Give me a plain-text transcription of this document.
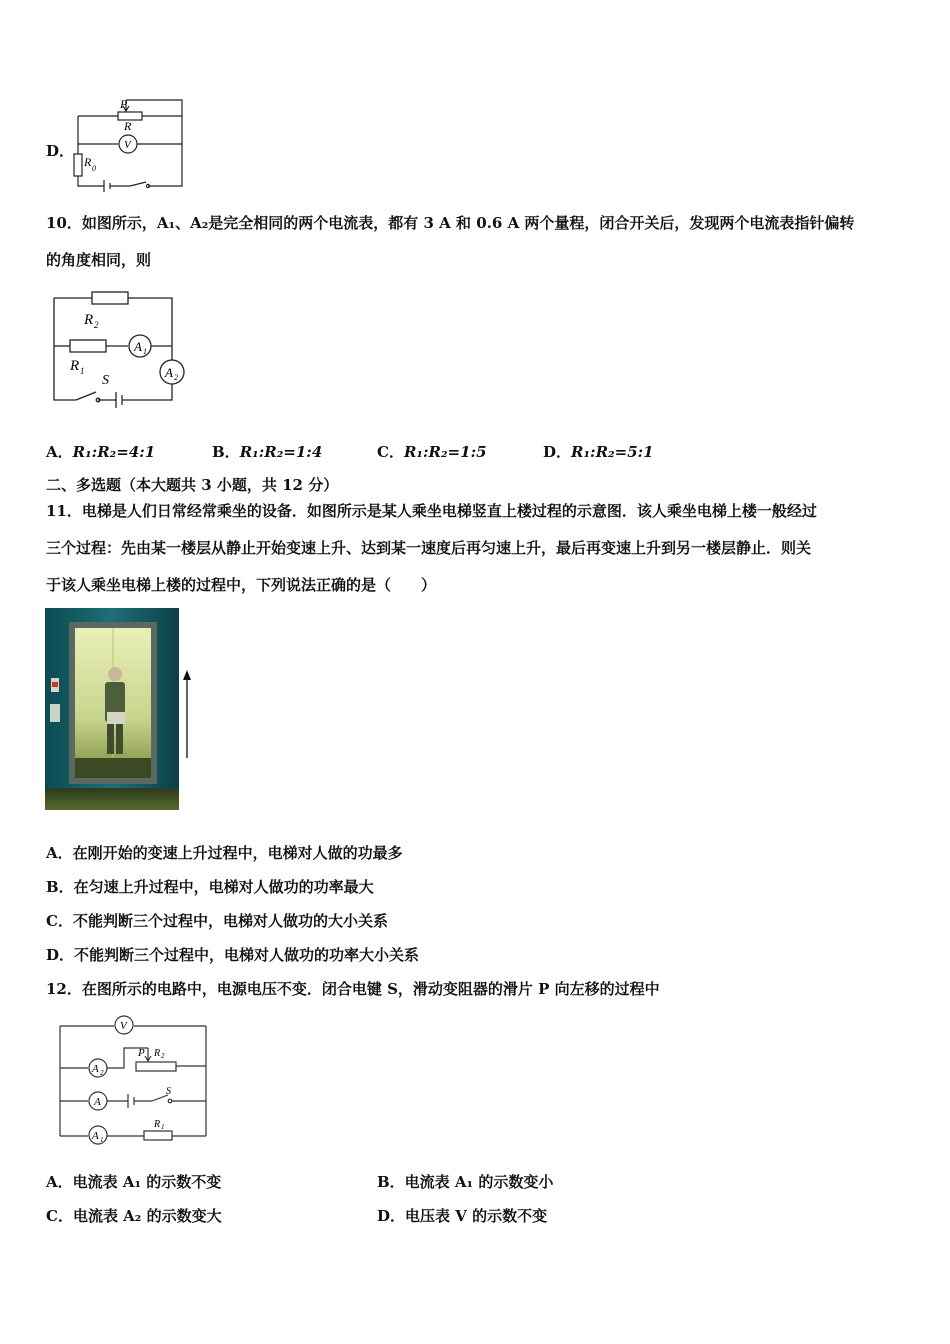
D．
P
R
V
R 0
10．如图所示，A₁、A₂是完全相同的两个电流表，都有 3 A 和 0.6 A 两个量程，闭合开关后，发现两个电流表指针偏转
的角度相同，则
R 2
R 1
A 1
A 2
S
A．R₁:R₂=4:1	B．R₁:R₂=1:4	C．R₁:R₂=1:5	D．R₁:R₂=5:1
二、多选题（本大题共 3 小题，共 12 分）
11．电梯是人们日常经常乘坐的设备．如图所示是某人乘坐电梯竖直上楼过程的示意图．该人乘坐电梯上楼一般经过
三个过程：先由某一楼层从静止开始变速上升、达到某一速度后再匀速上升，最后再变速上升到另一楼层静止．则关
于该人乘坐电梯上楼的过程中，下列说法正确的是（　　）
A．在刚开始的变速上升过程中，电梯对人做的功最多
B．在匀速上升过程中，电梯对人做功的功率最大
C．不能判断三个过程中，电梯对人做功的大小关系
D．不能判断三个过程中，电梯对人做功的功率大小关系
12．在图所示的电路中，电源电压不变．闭合电键 S，滑动变阻器的滑片 P 向左移的过程中
V
A 2
A
A 1
P R 2
S
R 1
A．电流表 A₁ 的示数不变	B．电流表 A₁ 的示数变小
C．电流表 A₂ 的示数变大	D．电压表 V 的示数不变
